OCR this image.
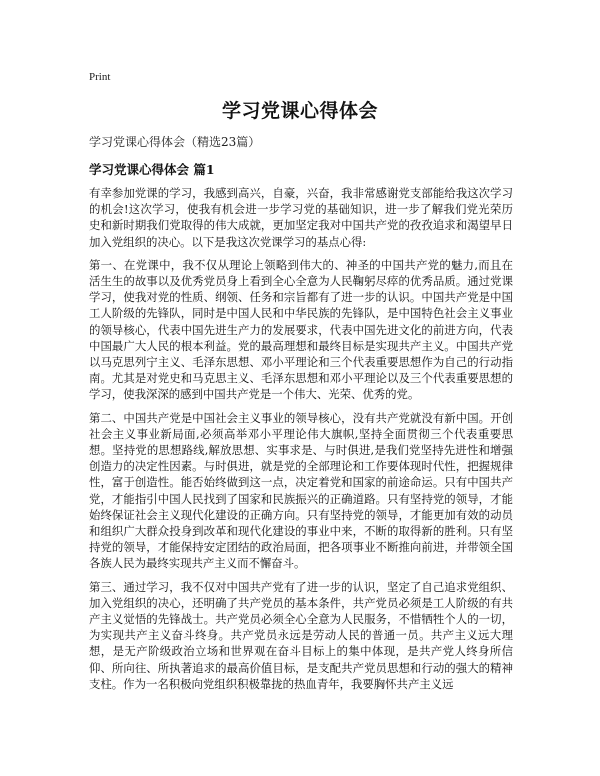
Print
学习党课心得体会
学习党课心得体会（精选23篇）
学习党课心得体会 篇1

有幸参加党课的学习，我感到高兴，自豪，兴奋，我非常感谢党支部能给我这次学习的机会!这次学习，使我有机会进一步学习党的基础知识，进一步了解我们党光荣历史和新时期我们党取得的伟大成就，更加坚定我对中国共产党的孜孜追求和渴望早日加入党组织的决心。以下是我这次党课学习的基点心得:

第一、在党课中，我不仅从理论上领略到伟大的、神圣的中国共产党的魅力,而且在活生生的故事以及优秀党员身上看到全心全意为人民鞠躬尽瘁的优秀品质。通过党课学习，使我对党的性质、纲领、任务和宗旨都有了进一步的认识。中国共产党是中国工人阶级的先锋队，同时是中国人民和中华民族的先锋队，是中国特色社会主义事业的领导核心，代表中国先进生产力的发展要求，代表中国先进文化的前进方向，代表中国最广大人民的根本利益。党的最高理想和最终目标是实现共产主义。中国共产党以马克思列宁主义、毛泽东思想、邓小平理论和三个代表重要思想作为自己的行动指南。尤其是对党史和马克思主义、毛泽东思想和邓小平理论以及三个代表重要思想的学习，使我深深的感到中国共产党是一个伟大、光荣、优秀的党。

第二、中国共产党是中国社会主义事业的领导核心，没有共产党就没有新中国。开创社会主义事业新局面,必须高举邓小平理论伟大旗帜,坚持全面贯彻三个代表重要思想。坚持党的思想路线,解放思想、实事求是、与时俱进,是我们党坚持先进性和增强创造力的决定性因素。与时俱进，就是党的全部理论和工作要体现时代性，把握规律性，富于创造性。能否始终做到这一点，决定着党和国家的前途命运。只有中国共产党，才能指引中国人民找到了国家和民族振兴的正确道路。只有坚持党的领导，才能始终保证社会主义现代化建设的正确方向。只有坚持党的领导，才能更加有效的动员和组织广大群众投身到改革和现代化建设的事业中来，不断的取得新的胜利。只有坚持党的领导，才能保持安定团结的政治局面，把各项事业不断推向前进，并带领全国各族人民为最终实现共产主义而不懈奋斗。

第三、通过学习，我不仅对中国共产党有了进一步的认识，坚定了自己追求党组织、加入党组织的决心，还明确了共产党员的基本条件，共产党员必须是工人阶级的有共产主义觉悟的先锋战士。共产党员必须全心全意为人民服务，不惜牺牲个人的一切，为实现共产主义奋斗终身。共产党员永远是劳动人民的普通一员。共产主义远大理想，是无产阶级政治立场和世界观在奋斗目标上的集中体现，是共产党人终身所信仰、所向往、所执著追求的最高价值目标，是支配共产党员思想和行动的强大的精神支柱。作为一名积极向党组织积极靠拢的热血青年，我要胸怀共产主义远
